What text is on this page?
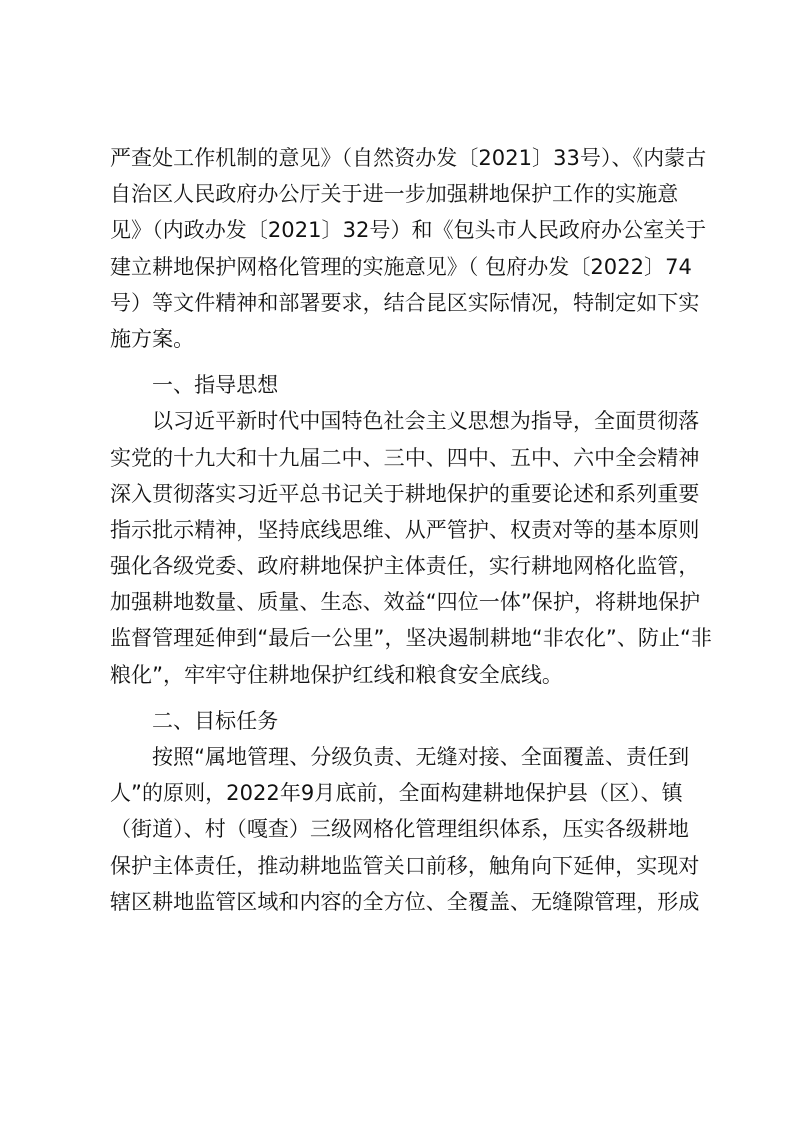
严查处工作机制的意见》（自然资办发〔2021〕33号）、《内蒙古
自治区人民政府办公厅关于进一步加强耕地保护工作的实施意
见》（内政办发〔2021〕32号）和《包头市人民政府办公室关于
建立耕地保护网格化管理的实施意见》（ 包府办发〔2022〕74
号）等文件精神和部署要求，结合昆区实际情况，特制定如下实
施方案。
一、指导思想
以习近平新时代中国特色社会主义思想为指导，全面贯彻落
实党的十九大和十九届二中、三中、四中、五中、六中全会精神
深入贯彻落实习近平总书记关于耕地保护的重要论述和系列重要
指示批示精神，坚持底线思维、从严管护、权责对等的基本原则
强化各级党委、政府耕地保护主体责任，实行耕地网格化监管，
加强耕地数量、质量、生态、效益“四位一体”保护，将耕地保护
监督管理延伸到“最后一公里”，坚决遏制耕地“非农化”、防止“非
粮化”，牢牢守住耕地保护红线和粮食安全底线。
二、目标任务
按照“属地管理、分级负责、无缝对接、全面覆盖、责任到
人”的原则，2022年9月底前，全面构建耕地保护县（区）、镇
（街道）、村（嘎查）三级网格化管理组织体系，压实各级耕地
保护主体责任，推动耕地监管关口前移，触角向下延伸，实现对
辖区耕地监管区域和内容的全方位、全覆盖、无缝隙管理，形成
